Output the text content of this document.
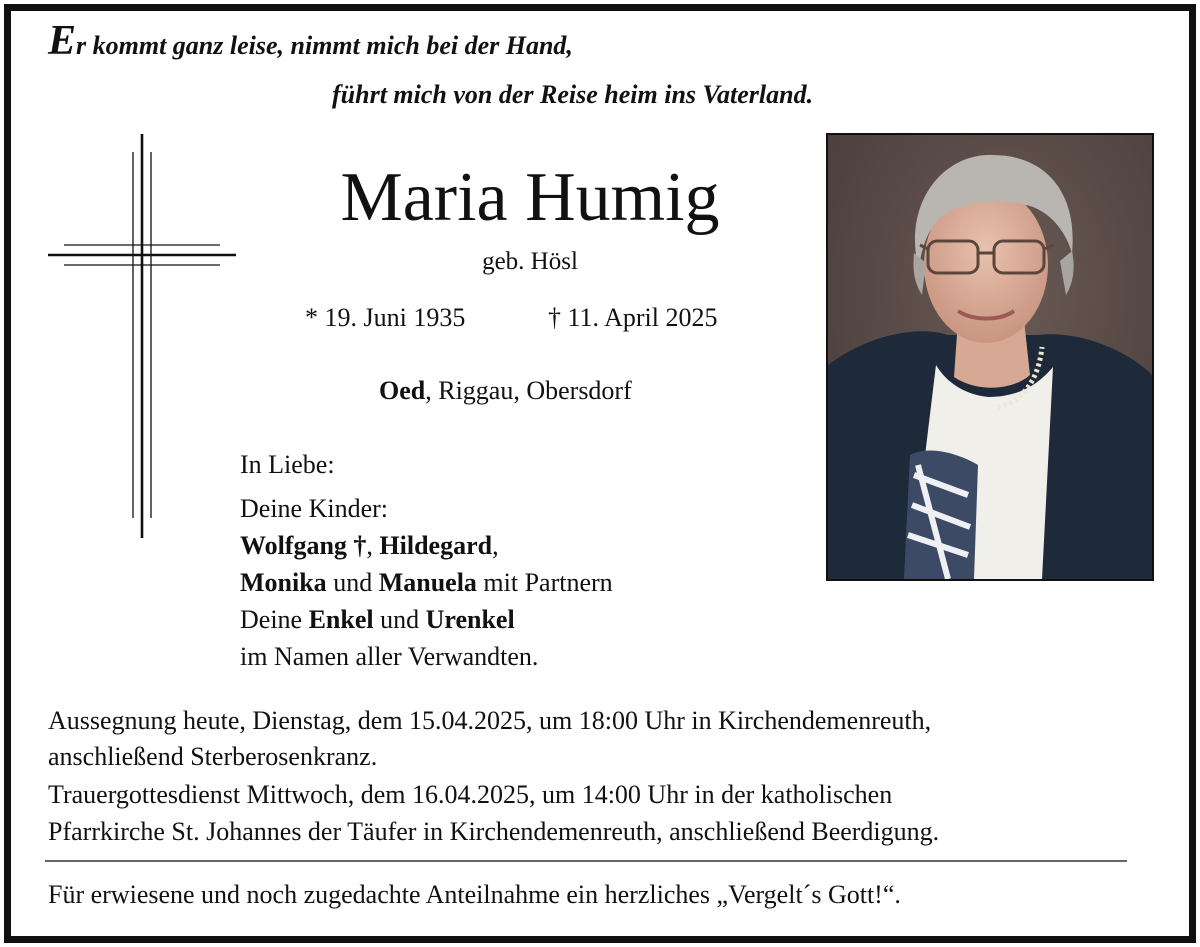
Er kommt ganz leise, nimmt mich bei der Hand,
führt mich von der Reise heim ins Vaterland.
Maria Humig
geb. Hösl
* 19. Juni 1935	† 11. April 2025
Oed, Riggau, Obersdorf
In Liebe:
Deine Kinder:
Wolfgang †, Hildegard,
Monika und Manuela mit Partnern
Deine Enkel und Urenkel
im Namen aller Verwandten.
Aussegnung heute, Dienstag, dem 15.04.2025, um 18:00 Uhr in Kirchendemenreuth,
anschließend Sterberosenkranz.
Trauergottesdienst Mittwoch, dem 16.04.2025, um 14:00 Uhr in der katholischen
Pfarrkirche St. Johannes der Täufer in Kirchendemenreuth, anschließend Beerdigung.
Für erwiesene und noch zugedachte Anteilnahme ein herzliches „Vergelt´s Gott!“.
